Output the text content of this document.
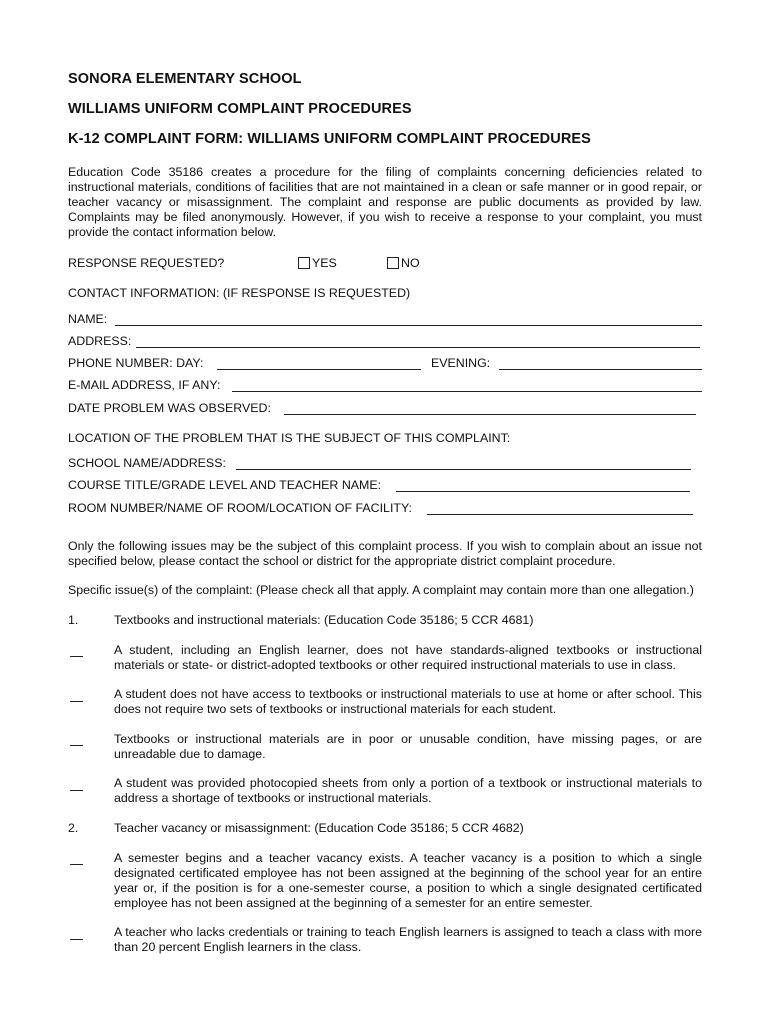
SONORA ELEMENTARY SCHOOL
WILLIAMS UNIFORM COMPLAINT PROCEDURES
K-12 COMPLAINT FORM: WILLIAMS UNIFORM COMPLAINT PROCEDURES
Education Code 35186 creates a procedure for the filing of complaints concerning deficiencies related to instructional materials, conditions of facilities that are not maintained in a clean or safe manner or in good repair, or teacher vacancy or misassignment. The complaint and response are public documents as provided by law. Complaints may be filed anonymously. However, if you wish to receive a response to your complaint, you must provide the contact information below.
RESPONSE REQUESTED?	YES	NO
CONTACT INFORMATION: (IF RESPONSE IS REQUESTED)
NAME:
ADDRESS:
PHONE NUMBER: DAY:	EVENING:
E-MAIL ADDRESS, IF ANY:
DATE PROBLEM WAS OBSERVED:
LOCATION OF THE PROBLEM THAT IS THE SUBJECT OF THIS COMPLAINT:
SCHOOL NAME/ADDRESS:
COURSE TITLE/GRADE LEVEL AND TEACHER NAME:
ROOM NUMBER/NAME OF ROOM/LOCATION OF FACILITY:
Only the following issues may be the subject of this complaint process. If you wish to complain about an issue not specified below, please contact the school or district for the appropriate district complaint procedure.
Specific issue(s) of the complaint: (Please check all that apply. A complaint may contain more than one allegation.)
1.	Textbooks and instructional materials: (Education Code 35186; 5 CCR 4681)
A student, including an English learner, does not have standards-aligned textbooks or instructional materials or state- or district-adopted textbooks or other required instructional materials to use in class.
A student does not have access to textbooks or instructional materials to use at home or after school. This does not require two sets of textbooks or instructional materials for each student.
Textbooks or instructional materials are in poor or unusable condition, have missing pages, or are unreadable due to damage.
A student was provided photocopied sheets from only a portion of a textbook or instructional materials to address a shortage of textbooks or instructional materials.
2.	Teacher vacancy or misassignment: (Education Code 35186; 5 CCR 4682)
A semester begins and a teacher vacancy exists. A teacher vacancy is a position to which a single designated certificated employee has not been assigned at the beginning of the school year for an entire year or, if the position is for a one-semester course, a position to which a single designated certificated employee has not been assigned at the beginning of a semester for an entire semester.
A teacher who lacks credentials or training to teach English learners is assigned to teach a class with more than 20 percent English learners in the class.
